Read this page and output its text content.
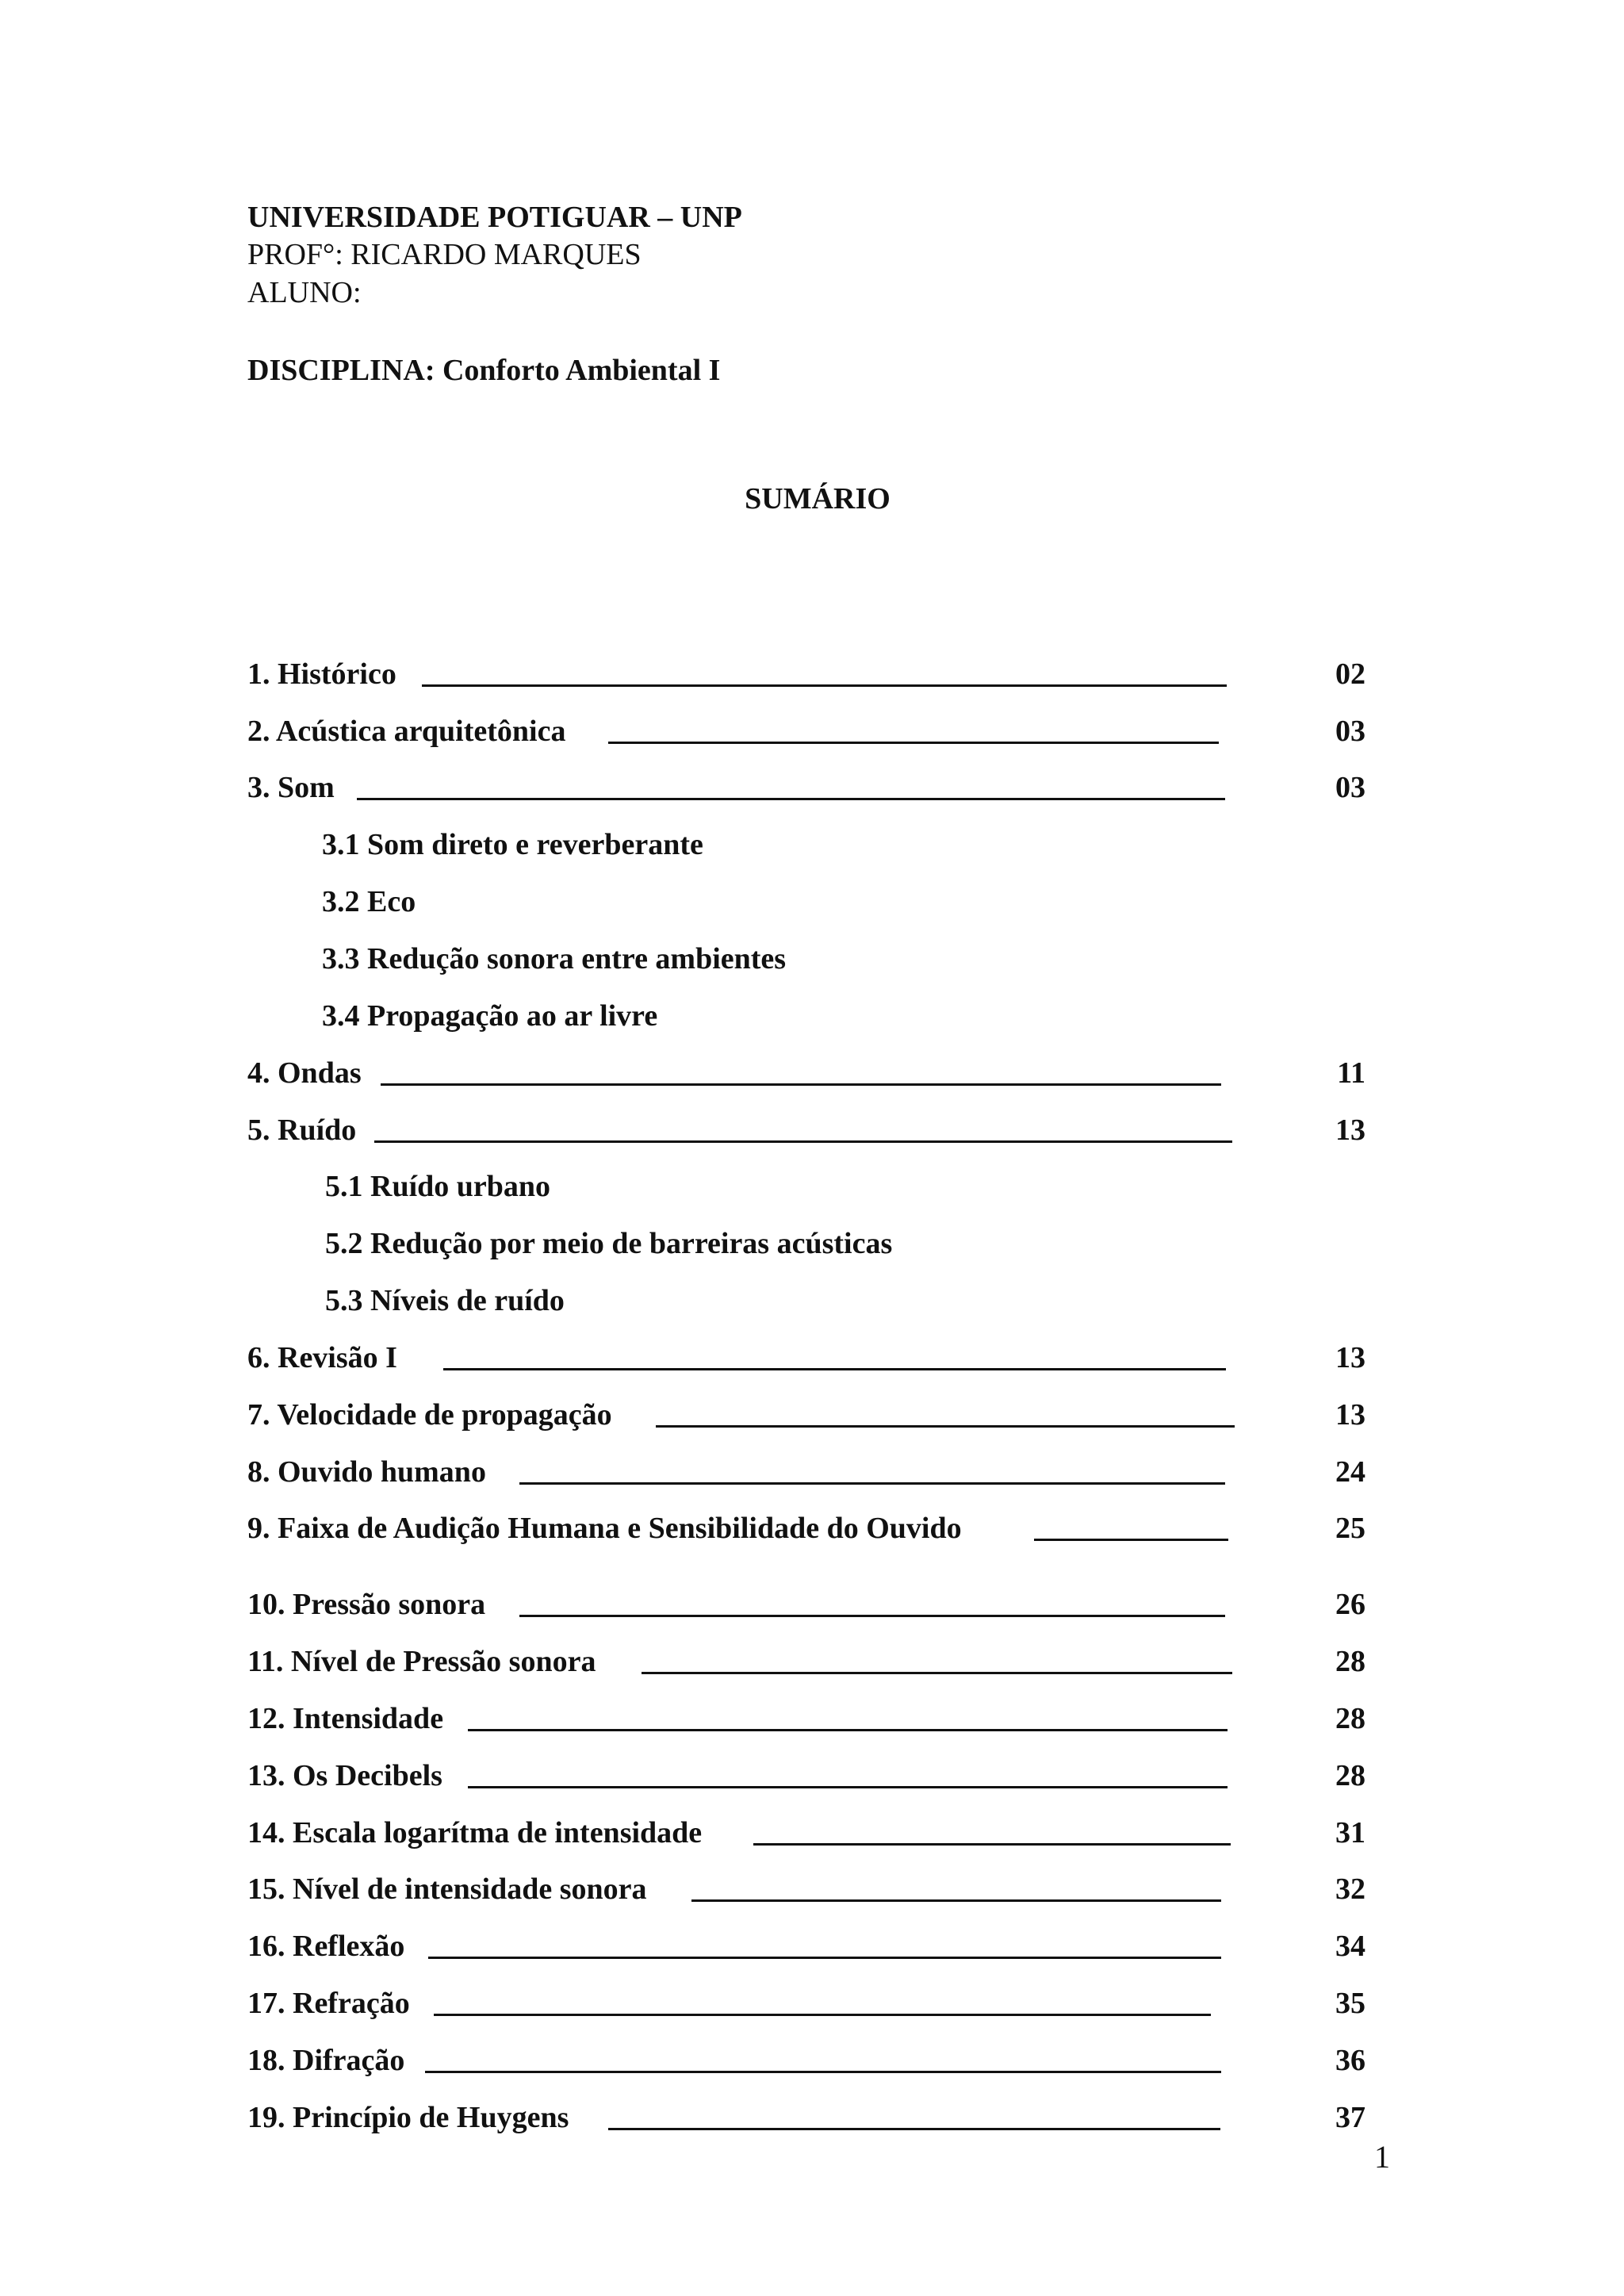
UNIVERSIDADE POTIGUAR – UNP
PROF°: RICARDO MARQUES
ALUNO:
DISCIPLINA: Conforto Ambiental I
SUMÁRIO
1. Histórico	02
2. Acústica arquitetônica	03
3. Som	03
3.1 Som direto e reverberante
3.2 Eco
3.3 Redução sonora entre ambientes
3.4 Propagação ao ar livre
4. Ondas	11
5. Ruído	13
5.1 Ruído urbano
5.2 Redução por meio de barreiras acústicas
5.3 Níveis de ruído
6. Revisão I	13
7. Velocidade de propagação	13
8. Ouvido humano	24
9. Faixa de Audição Humana e Sensibilidade do Ouvido	25
10. Pressão sonora	26
11. Nível de Pressão sonora	28
12. Intensidade	28
13. Os Decibels	28
14. Escala logarítma de intensidade	31
15. Nível de intensidade sonora	32
16. Reflexão	34
17. Refração	35
18. Difração	36
19. Princípio de Huygens	37
1
